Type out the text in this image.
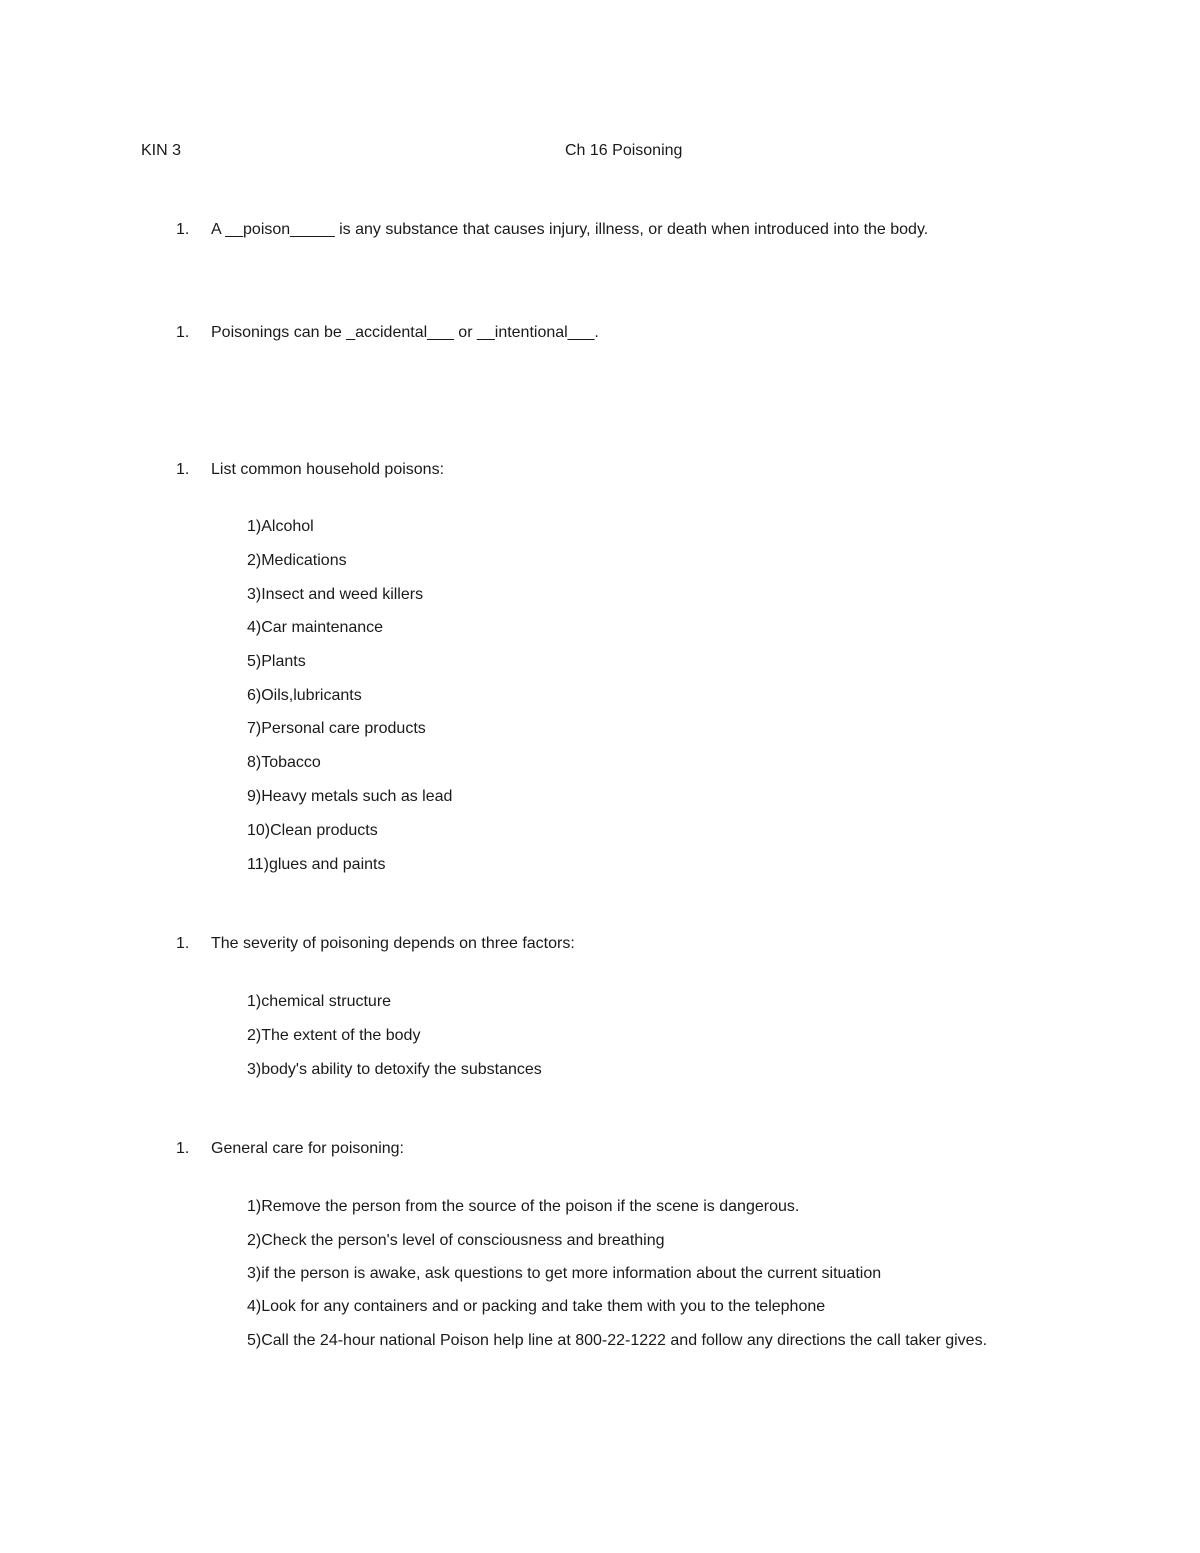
KIN 3	Ch 16 Poisoning
1. A __poison_____ is any substance that causes injury, illness, or death when introduced into the body.
1. Poisonings can be _accidental___ or __intentional___.
1. List common household poisons:
1)Alcohol
2)Medications
3)Insect and weed killers
4)Car maintenance
5)Plants
6)Oils,lubricants
7)Personal care products
8)Tobacco
9)Heavy metals such as lead
10)Clean products
11)glues and paints
1. The severity of poisoning depends on three factors:
1)chemical structure
2)The extent of the body
3)body's ability to detoxify the substances
1. General care for poisoning:
1)Remove the person from the source of the poison if the scene is dangerous.
2)Check the person's level of consciousness and breathing
3)if the person is awake, ask questions to get more information about the current situation
4)Look for any containers and or packing and take them with you to the telephone
5)Call the 24-hour national Poison help line at 800-22-1222 and follow any directions the call taker gives.
